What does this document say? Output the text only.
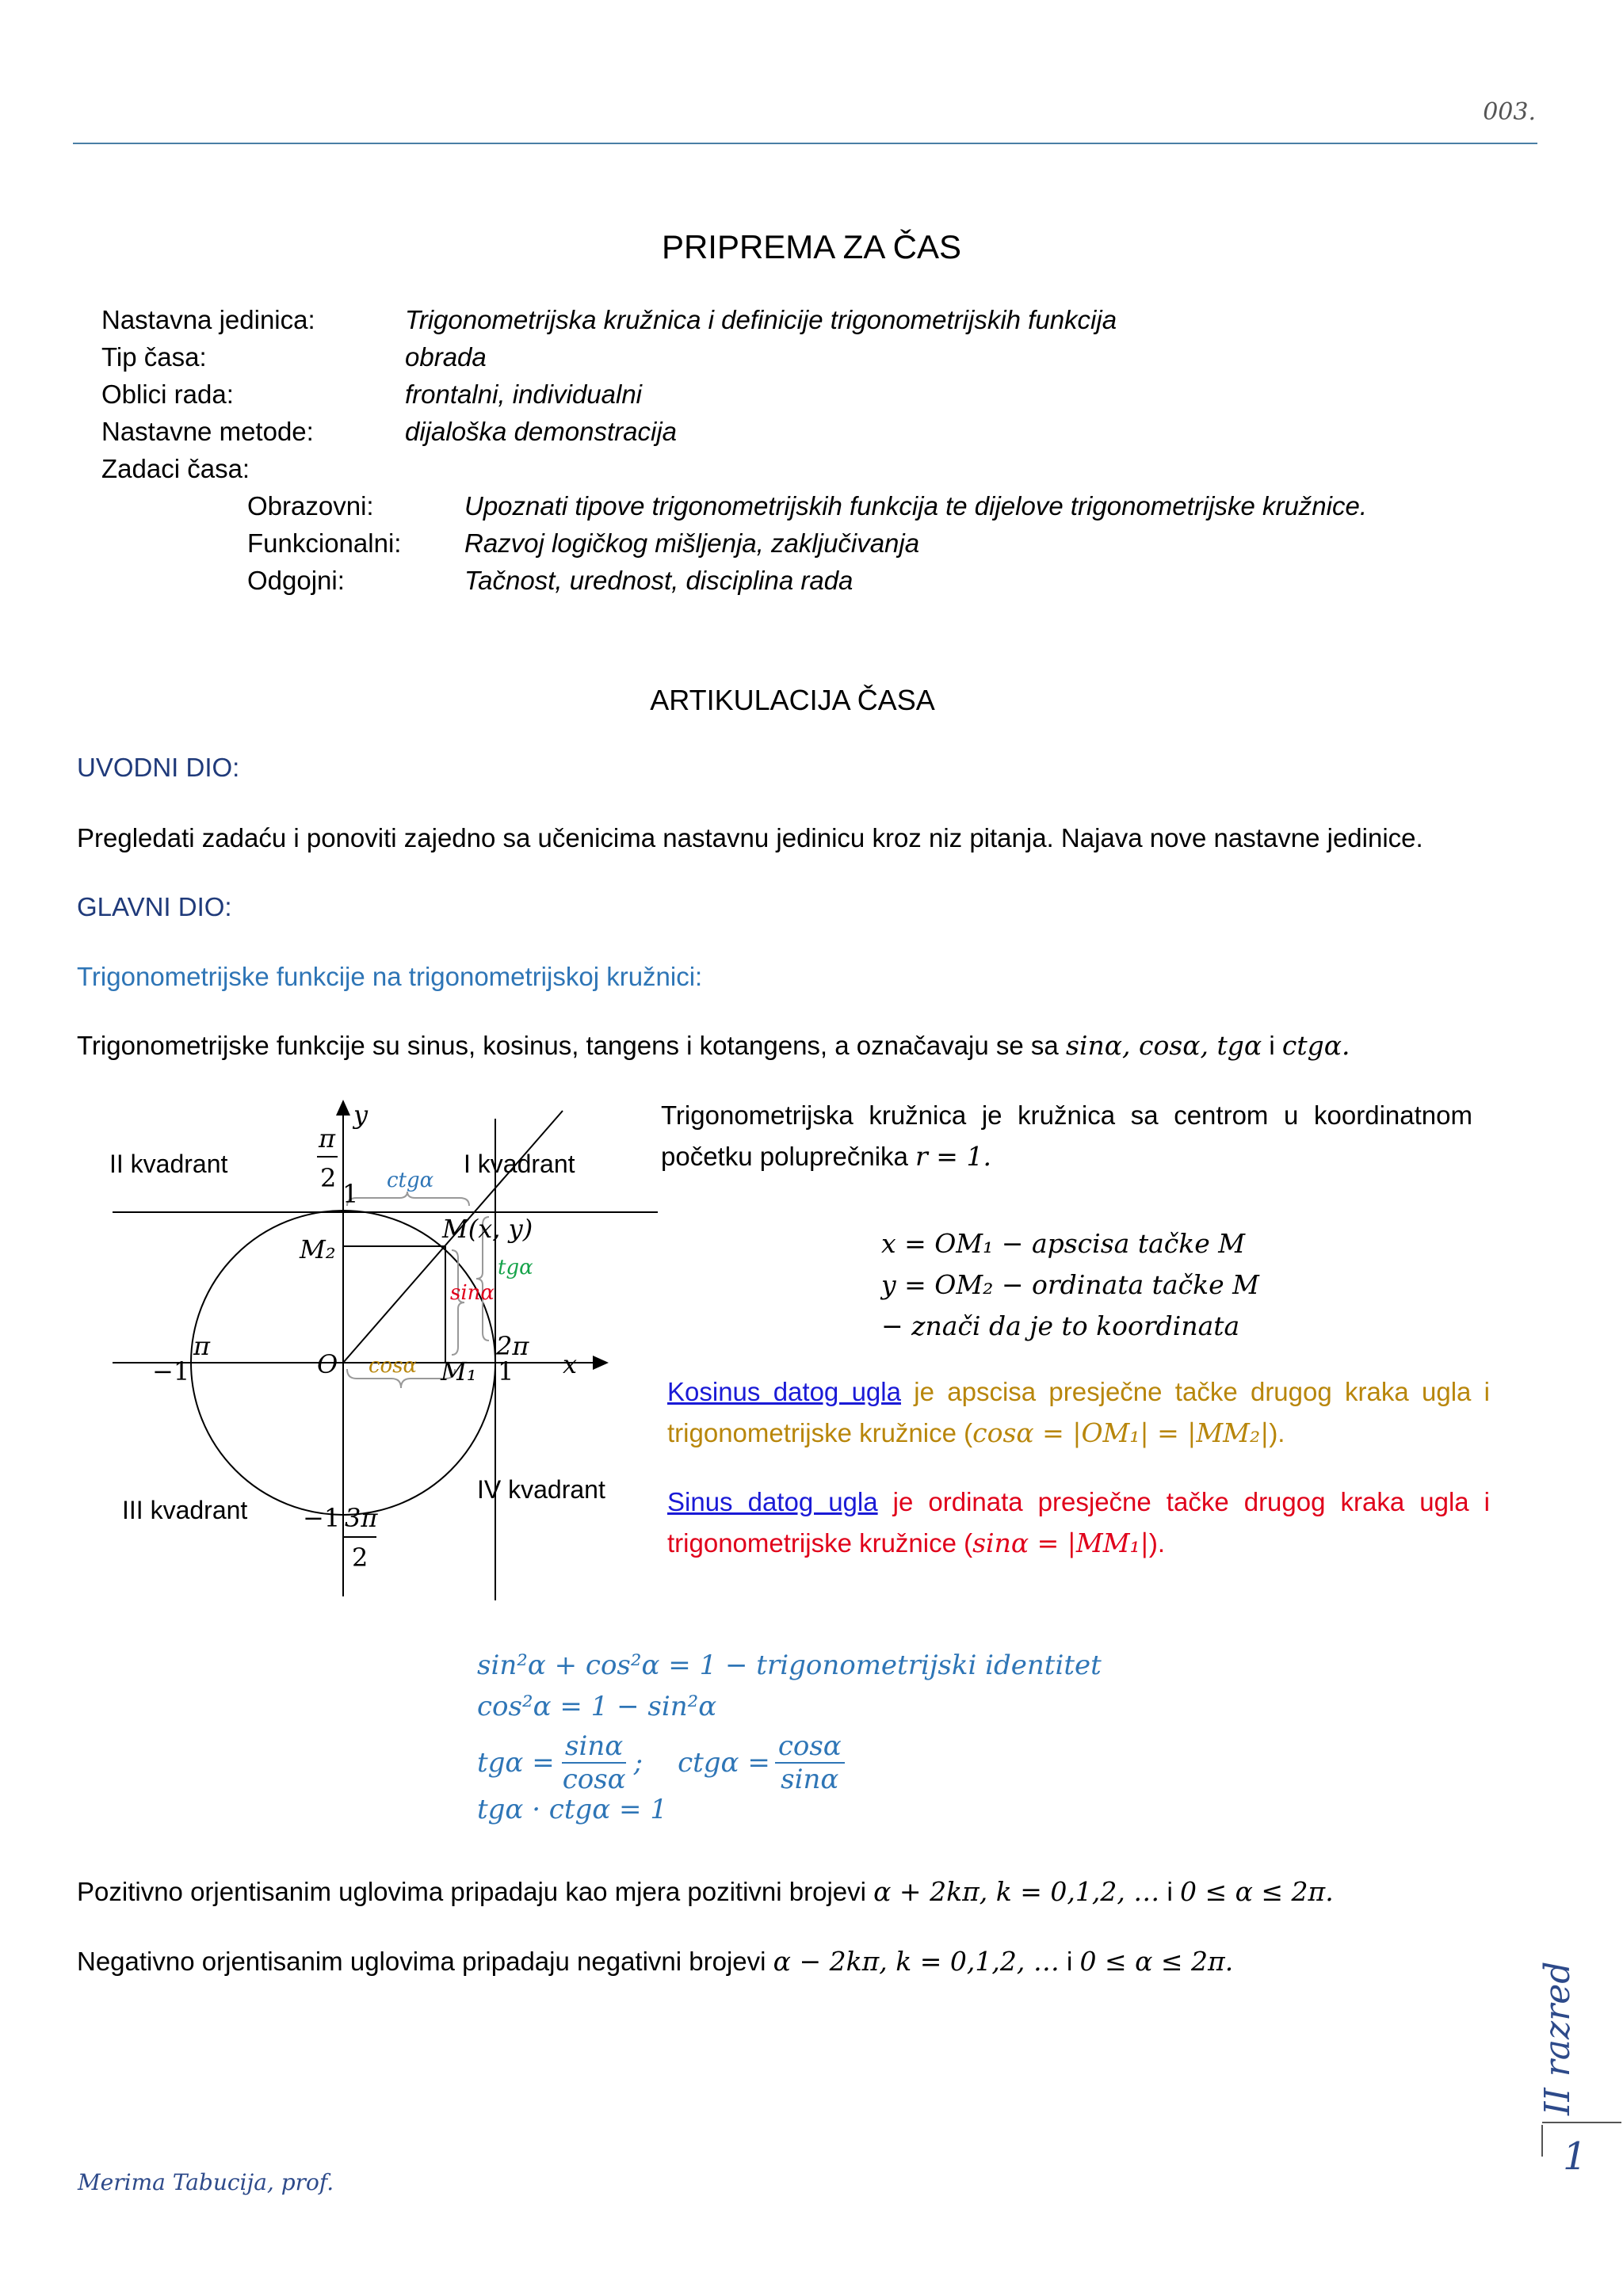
003.
PRIPREMA ZA ČAS
Nastavna jedinica:	Trigonometrijska kružnica i definicije trigonometrijskih funkcija
Tip časa:	obrada
Oblici rada:	frontalni, individualni
Nastavne metode:	dijaloška demonstracija
Zadaci časa:
Obrazovni:	Upoznati tipove trigonometrijskih funkcija te dijelove trigonometrijske kružnice.
Funkcionalni: Razvoj logičkog mišljenja, zaključivanja
Odgojni:	Tačnost, urednost, disciplina rada
ARTIKULACIJA ČASA
UVODNI DIO:
Pregledati zadaću i ponoviti zajedno sa učenicima nastavnu jedinicu kroz niz pitanja. Najava nove nastavne jedinice.
GLAVNI DIO:
Trigonometrijske funkcije na trigonometrijskoj kružnici:
Trigonometrijske funkcije su sinus, kosinus, tangens i kotangens, a označavaju se sa sinα, cosα, tgα i ctgα.
y
x
O
M(x, y)
M₁
M₂
π	2π
−1	1
π
2
1
−1 3π
2
cosα
sinα
tgα
ctgα
I kvadrant
II kvadrant
III kvadrant
IV kvadrant
Trigonometrijska kružnica je kružnica sa centrom u koordinatnom
početku poluprečnika r = 1.
x = OM₁ − apscisa tačke M
y = OM₂ − ordinata tačke M
− znači da je to koordinata
Kosinus datog ugla je apscisa presječne tačke drugog kraka ugla i
trigonometrijske kružnice (cosα = |OM₁| = |MM₂|).
Sinus datog ugla je ordinata presječne tačke drugog kraka ugla i
trigonometrijske kružnice (sinα = |MM₁|).
sin²α + cos²α = 1 − trigonometrijski identitet
cos²α = 1 − sin²α
$tg\alpha = \frac{\sin\alpha}{\cos\alpha}$ ; $ctg\alpha = \frac{\cos\alpha}{\sin\alpha}$
tgα · ctgα = 1
Pozitivno orjentisanim uglovima pripadaju kao mjera pozitivni brojevi α + 2kπ, k = 0,1,2, … i 0 ≤ α ≤ 2π.
Negativno orjentisanim uglovima pripadaju negativni brojevi α − 2kπ, k = 0,1,2, … i 0 ≤ α ≤ 2π.
Merima Tabucija, prof.
II razred
1
